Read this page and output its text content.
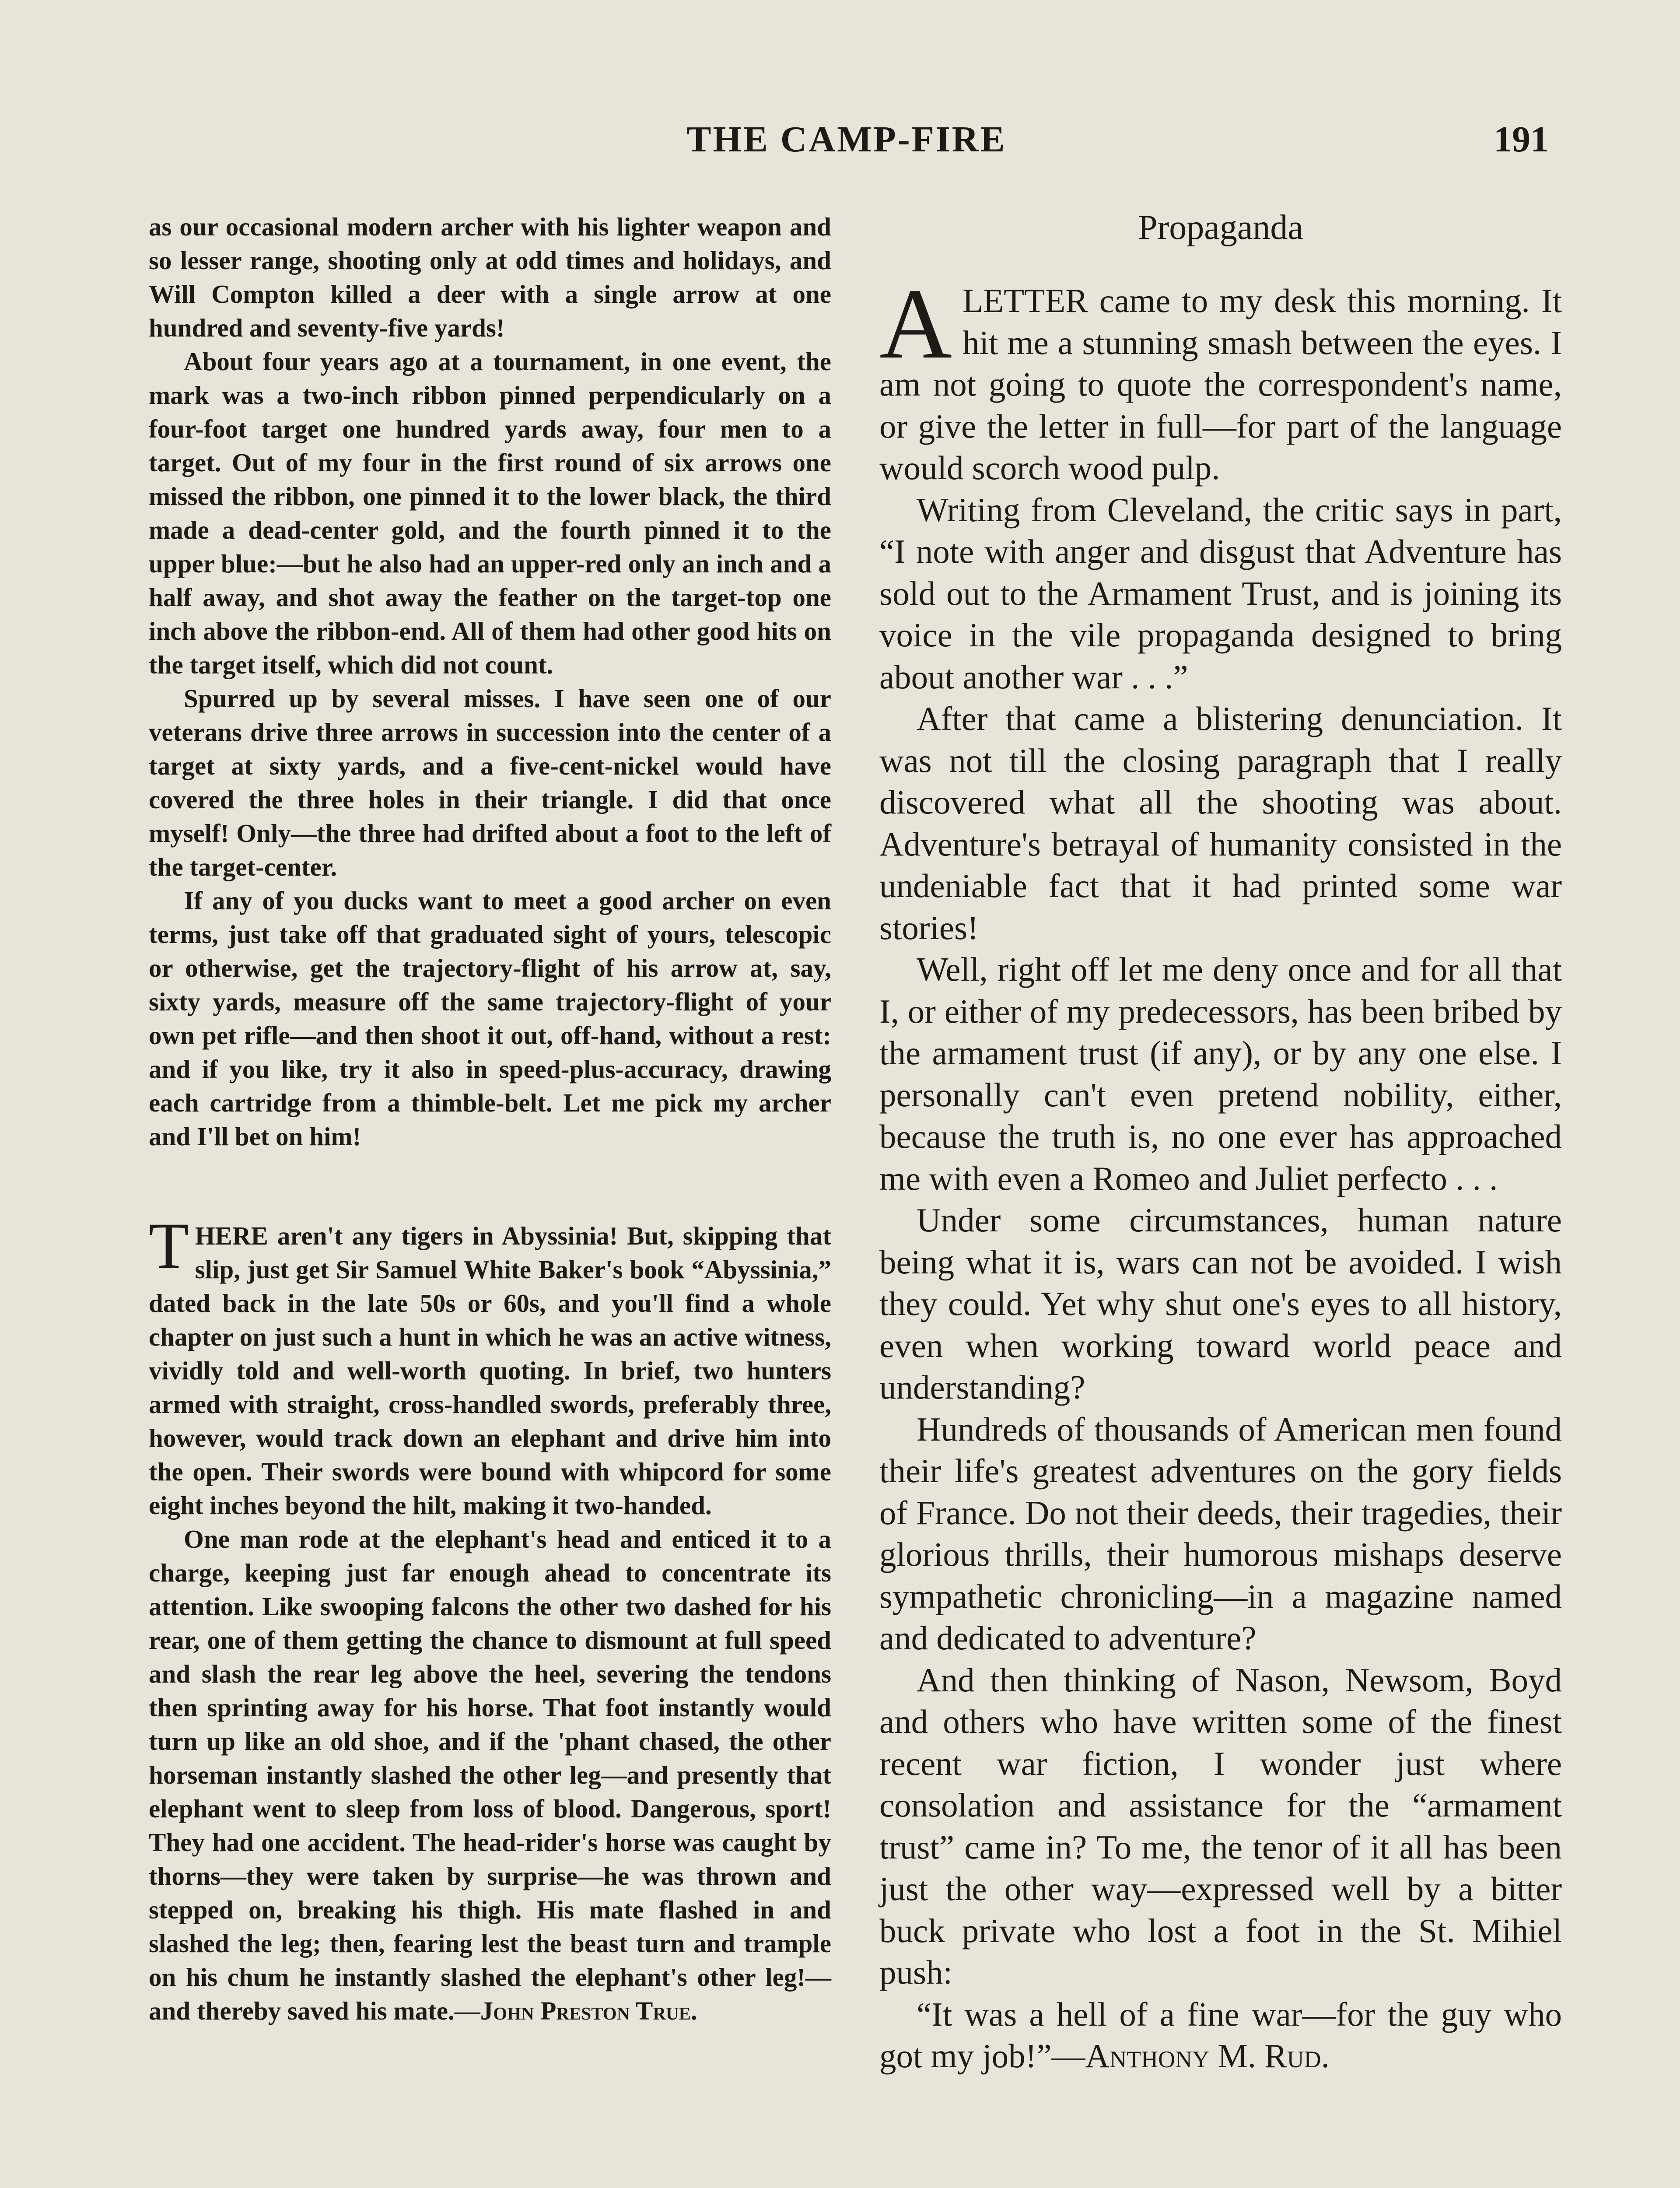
THE CAMP-FIRE	191

as our occasional modern archer with his lighter weapon and so lesser range, shooting only at odd times and holidays, and Will Compton killed a deer with a single arrow at one hundred and seventy-five yards!

About four years ago at a tournament, in one event, the mark was a two-inch ribbon pinned perpendicularly on a four-foot target one hundred yards away, four men to a target. Out of my four in the first round of six arrows one missed the ribbon, one pinned it to the lower black, the third made a dead-center gold, and the fourth pinned it to the upper blue:—but he also had an upper-red only an inch and a half away, and shot away the feather on the target-top one inch above the ribbon-end. All of them had other good hits on the target itself, which did not count.

Spurred up by several misses. I have seen one of our veterans drive three arrows in succession into the center of a target at sixty yards, and a five-cent-nickel would have covered the three holes in their triangle. I did that once myself! Only—the three had drifted about a foot to the left of the target-center.

If any of you ducks want to meet a good archer on even terms, just take off that graduated sight of yours, telescopic or otherwise, get the trajectory-flight of his arrow at, say, sixty yards, measure off the same trajectory-flight of your own pet rifle—and then shoot it out, off-hand, without a rest: and if you like, try it also in speed-plus-accuracy, drawing each cartridge from a thimble-belt. Let me pick my archer and I'll bet on him!

THERE aren't any tigers in Abyssinia! But, skipping that slip, just get Sir Samuel White Baker's book “Abyssinia,” dated back in the late 50s or 60s, and you'll find a whole chapter on just such a hunt in which he was an active witness, vividly told and well-worth quoting. In brief, two hunters armed with straight, cross-handled swords, preferably three, however, would track down an elephant and drive him into the open. Their swords were bound with whipcord for some eight inches beyond the hilt, making it two-handed.

One man rode at the elephant's head and enticed it to a charge, keeping just far enough ahead to concentrate its attention. Like swooping falcons the other two dashed for his rear, one of them getting the chance to dismount at full speed and slash the rear leg above the heel, severing the tendons then sprinting away for his horse. That foot instantly would turn up like an old shoe, and if the 'phant chased, the other horseman instantly slashed the other leg—and presently that elephant went to sleep from loss of blood. Dangerous, sport! They had one accident. The head-rider's horse was caught by thorns—they were taken by surprise—he was thrown and stepped on, breaking his thigh. His mate flashed in and slashed the leg; then, fearing lest the beast turn and trample on his chum he instantly slashed the elephant's other leg!—and thereby saved his mate.—John Preston True.

Propaganda

ALETTER came to my desk this morning. It hit me a stunning smash between the eyes. I am not going to quote the correspondent's name, or give the letter in full—for part of the language would scorch wood pulp.

Writing from Cleveland, the critic says in part, “I note with anger and disgust that Adventure has sold out to the Armament Trust, and is joining its voice in the vile propaganda designed to bring about another war . . .”

After that came a blistering denunciation. It was not till the closing paragraph that I really discovered what all the shooting was about. Adventure's betrayal of humanity consisted in the undeniable fact that it had printed some war stories!

Well, right off let me deny once and for all that I, or either of my predecessors, has been bribed by the armament trust (if any), or by any one else. I personally can't even pretend nobility, either, because the truth is, no one ever has approached me with even a Romeo and Juliet perfecto . . .

Under some circumstances, human nature being what it is, wars can not be avoided. I wish they could. Yet why shut one's eyes to all history, even when working toward world peace and understanding?

Hundreds of thousands of American men found their life's greatest adventures on the gory fields of France. Do not their deeds, their tragedies, their glorious thrills, their humorous mishaps deserve sympathetic chronicling—in a magazine named and dedicated to adventure?

And then thinking of Nason, Newsom, Boyd and others who have written some of the finest recent war fiction, I wonder just where consolation and assistance for the “armament trust” came in? To me, the tenor of it all has been just the other way—expressed well by a bitter buck private who lost a foot in the St. Mihiel push:

“It was a hell of a fine war—for the guy who got my job!”—Anthony M. Rud.
